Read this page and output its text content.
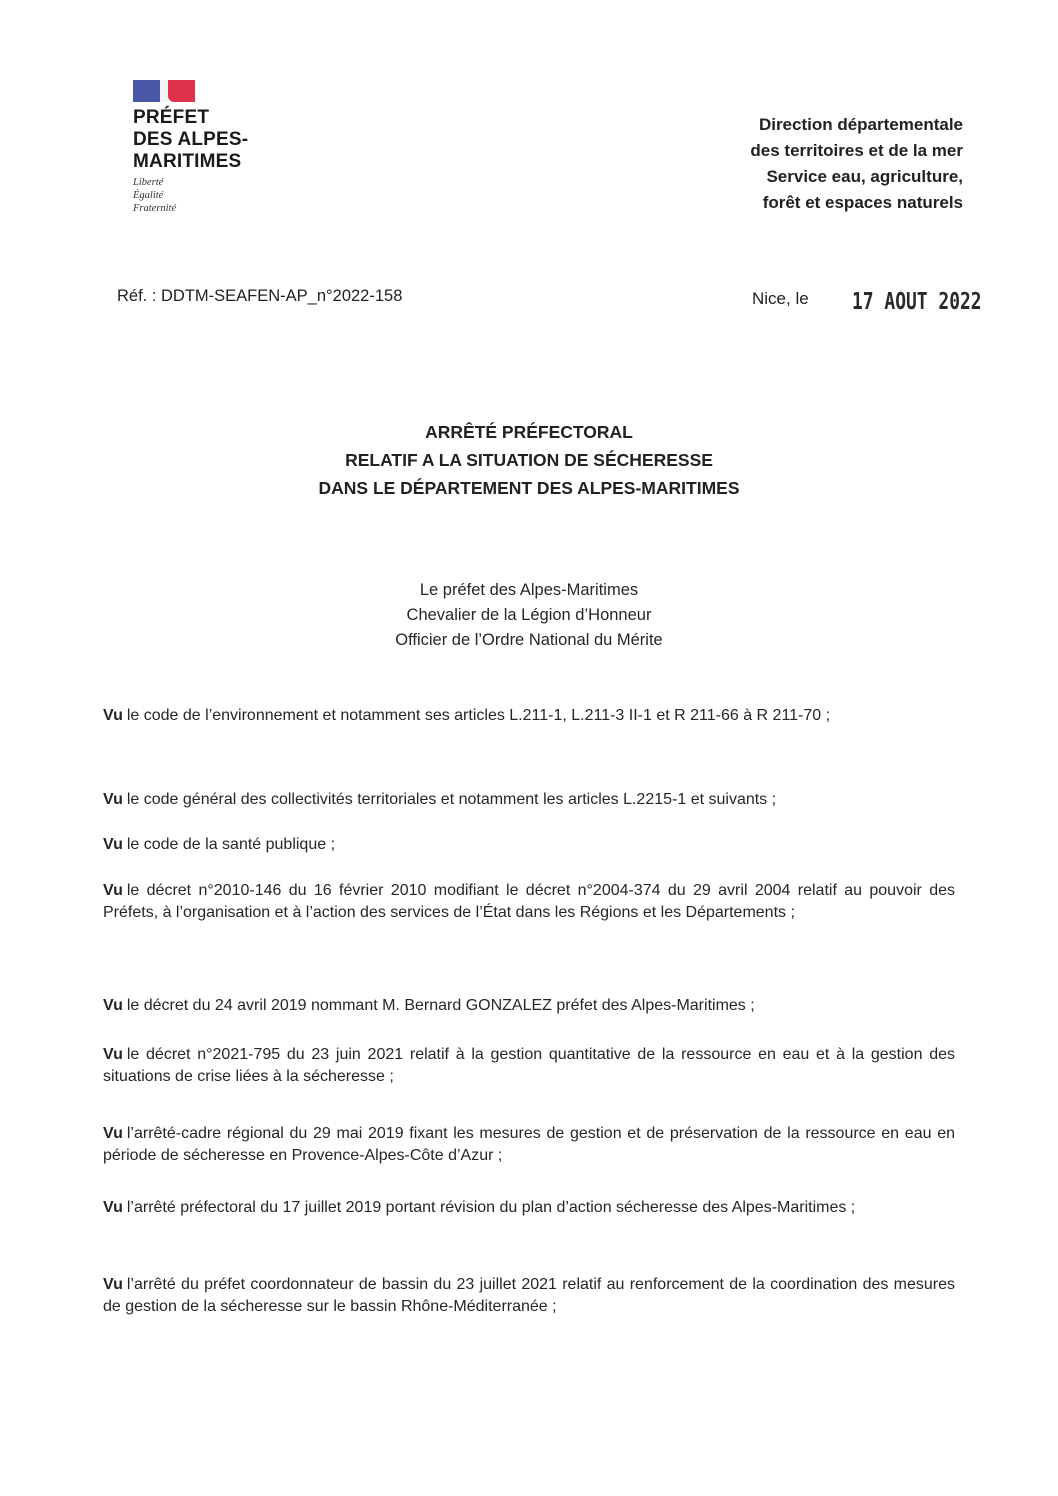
PRÉFET
DES ALPES-
MARITIMES
Liberté
Égalité
Fraternité
Direction départementale
des territoires et de la mer
Service eau, agriculture,
forêt et espaces naturels
Réf. : DDTM-SEAFEN-AP_n°2022-158	Nice, le 17 AOUT 2022
ARRÊTÉ PRÉFECTORAL
RELATIF A LA SITUATION DE SÉCHERESSE
DANS LE DÉPARTEMENT DES ALPES-MARITIMES
Le préfet des Alpes-Maritimes
Chevalier de la Légion d’Honneur
Officier de l’Ordre National du Mérite

Vu le code de l’environnement et notamment ses articles L.211-1, L.211-3 II-1 et R 211-66 à R 211-70 ;

Vu le code général des collectivités territoriales et notamment les articles L.2215-1 et suivants ;

Vu le code de la santé publique ;

Vu le décret n°2010-146 du 16 février 2010 modifiant le décret n°2004-374 du 29 avril 2004 relatif au pouvoir des Préfets, à l’organisation et à l’action des services de l’État dans les Régions et les Départements ;

Vu le décret du 24 avril 2019 nommant M. Bernard GONZALEZ préfet des Alpes-Maritimes ;

Vu le décret n°2021-795 du 23 juin 2021 relatif à la gestion quantitative de la ressource en eau et à la gestion des situations de crise liées à la sécheresse ;

Vu l’arrêté-cadre régional du 29 mai 2019 fixant les mesures de gestion et de préservation de la ressource en eau en période de sécheresse en Provence-Alpes-Côte d’Azur ;

Vu l’arrêté préfectoral du 17 juillet 2019 portant révision du plan d’action sécheresse des Alpes-Maritimes ;

Vu l’arrêté du préfet coordonnateur de bassin du 23 juillet 2021 relatif au renforcement de la coordination des mesures de gestion de la sécheresse sur le bassin Rhône-Méditerranée ;
